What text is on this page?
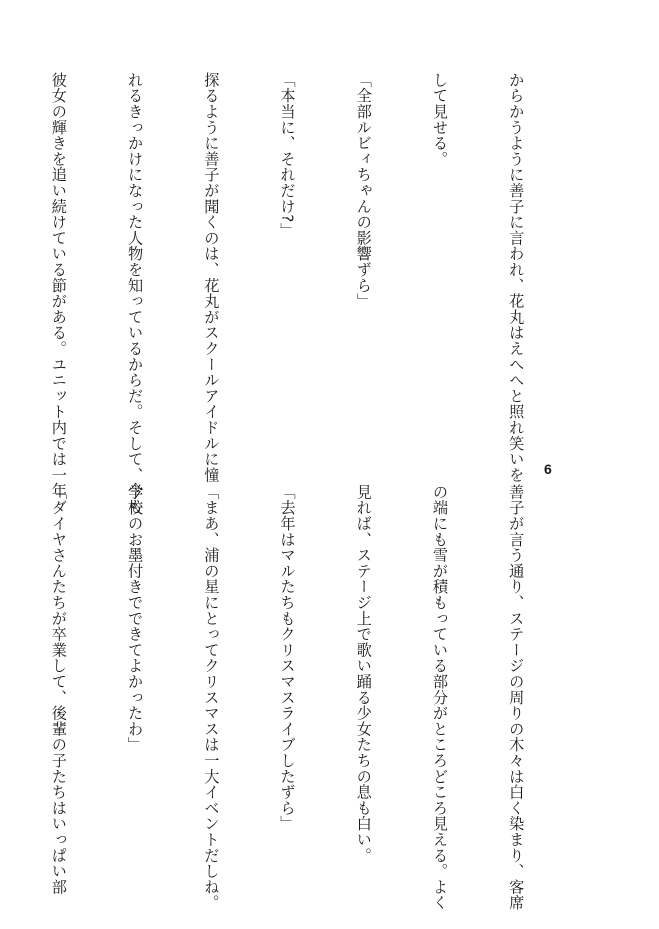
からかうように善子に言われ、花丸はえへへと照れ笑いを

して見せる。

「全部ルビィちゃんの影響ずら」

「本当に、それだけ?」

探るように善子が聞くのは、花丸がスクールアイドルに憧

れるきっかけになった人物を知っているからだ。そして、今も

彼女の輝きを追い続けている節がある。ユニット内では一年

	6

善子が言う通り、ステージの周りの木々は白く染まり、客席

の端にも雪が積もっている部分がところどころ見える。よく

見れば、ステージ上で歌い踊る少女たちの息も白い。

「去年はマルたちもクリスマスライブしたずら」

「まあ、浦の星にとってクリスマスは一大イベントだしね。

学校のお墨付きでできてよかったわ」

「ダイヤさんたちが卒業して、後輩の子たちはいっぱい部
